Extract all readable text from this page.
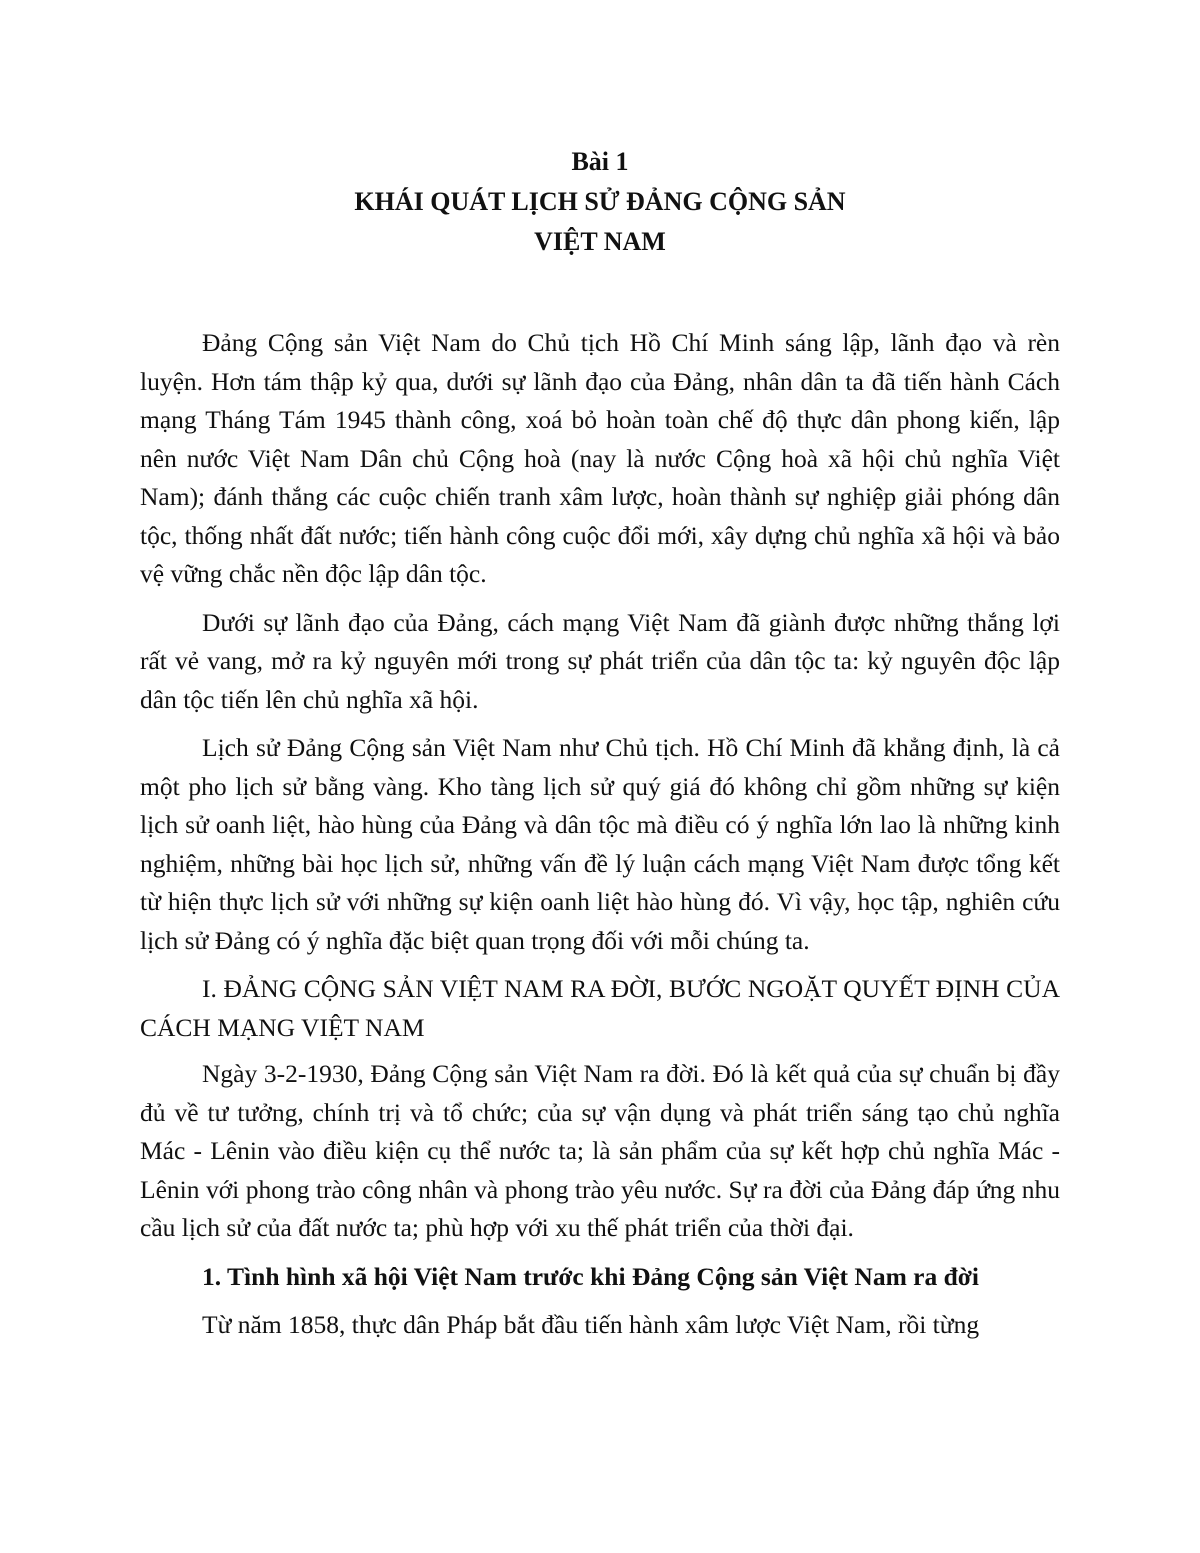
Bài 1
KHÁI QUÁT LỊCH SỬ ĐẢNG CỘNG SẢN
VIỆT NAM

Đảng Cộng sản Việt Nam do Chủ tịch Hồ Chí Minh sáng lập, lãnh đạo và rèn luyện. Hơn tám thập kỷ qua, dưới sự lãnh đạo của Đảng, nhân dân ta đã tiến hành Cách mạng Tháng Tám 1945 thành công, xoá bỏ hoàn toàn chế độ thực dân phong kiến, lập nên nước Việt Nam Dân chủ Cộng hoà (nay là nước Cộng hoà xã hội chủ nghĩa Việt Nam); đánh thắng các cuộc chiến tranh xâm lược, hoàn thành sự nghiệp giải phóng dân tộc, thống nhất đất nước; tiến hành công cuộc đổi mới, xây dựng chủ nghĩa xã hội và bảo vệ vững chắc nền độc lập dân tộc.

Dưới sự lãnh đạo của Đảng, cách mạng Việt Nam đã giành được những thắng lợi rất vẻ vang, mở ra kỷ nguyên mới trong sự phát triển của dân tộc ta: kỷ nguyên độc lập dân tộc tiến lên chủ nghĩa xã hội.

Lịch sử Đảng Cộng sản Việt Nam như Chủ tịch. Hồ Chí Minh đã khẳng định, là cả một pho lịch sử bằng vàng. Kho tàng lịch sử quý giá đó không chỉ gồm những sự kiện lịch sử oanh liệt, hào hùng của Đảng và dân tộc mà điều có ý nghĩa lớn lao là những kinh nghiệm, những bài học lịch sử, những vấn đề lý luận cách mạng Việt Nam được tổng kết từ hiện thực lịch sử với những sự kiện oanh liệt hào hùng đó. Vì vậy, học tập, nghiên cứu lịch sử Đảng có ý nghĩa đặc biệt quan trọng đối với mỗi chúng ta.

I. ĐẢNG CỘNG SẢN VIỆT NAM RA ĐỜI, BƯỚC NGOẶT QUYẾT ĐỊNH CỦA CÁCH MẠNG VIỆT NAM

Ngày 3-2-1930, Đảng Cộng sản Việt Nam ra đời. Đó là kết quả của sự chuẩn bị đầy đủ về tư tưởng, chính trị và tổ chức; của sự vận dụng và phát triển sáng tạo chủ nghĩa Mác - Lênin vào điều kiện cụ thể nước ta; là sản phẩm của sự kết hợp chủ nghĩa Mác - Lênin với phong trào công nhân và phong trào yêu nước. Sự ra đời của Đảng đáp ứng nhu cầu lịch sử của đất nước ta; phù hợp với xu thế phát triển của thời đại.

1. Tình hình xã hội Việt Nam trước khi Đảng Cộng sản Việt Nam ra đời

Từ năm 1858, thực dân Pháp bắt đầu tiến hành xâm lược Việt Nam, rồi từng
